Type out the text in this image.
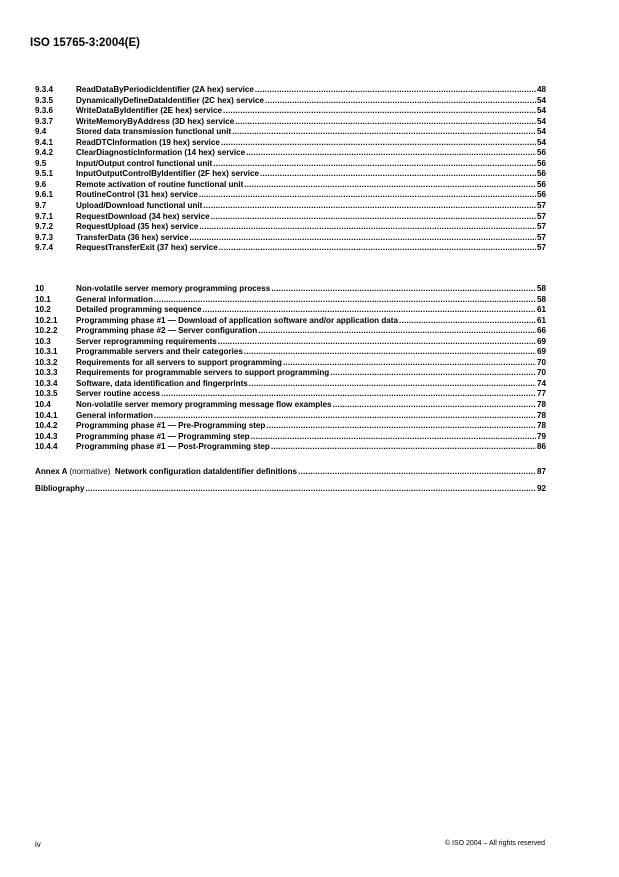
ISO 15765-3:2004(E)
9.3.4	ReadDataByPeriodicIdentifier (2A hex) service .....	48
9.3.5	DynamicallyDefineDataIdentifier (2C hex) service .....	54
9.3.6	WriteDataByIdentifier (2E hex) service .....	54
9.3.7	WriteMemoryByAddress (3D hex) service .....	54
9.4	Stored data transmission functional unit .....	54
9.4.1	ReadDTCInformation (19 hex) service .....	54
9.4.2	ClearDiagnosticInformation (14 hex) service .....	56
9.5	Input/Output control functional unit .....	56
9.5.1	InputOutputControlByIdentifier (2F hex) service .....	56
9.6	Remote activation of routine functional unit .....	56
9.6.1	RoutineControl (31 hex) service .....	56
9.7	Upload/Download functional unit .....	57
9.7.1	RequestDownload (34 hex) service .....	57
9.7.2	RequestUpload (35 hex) service .....	57
9.7.3	TransferData (36 hex) service .....	57
9.7.4	RequestTransferExit (37 hex) service .....	57
10	Non-volatile server memory programming process .....	58
10.1	General information .....	58
10.2	Detailed programming sequence .....	61
10.2.1	Programming phase #1 — Download of application software and/or application data .....	61
10.2.2	Programming phase #2 — Server configuration .....	66
10.3	Server reprogramming requirements .....	69
10.3.1	Programmable servers and their categories .....	69
10.3.2	Requirements for all servers to support programming .....	70
10.3.3	Requirements for programmable servers to support programming .....	70
10.3.4	Software, data identification and fingerprints .....	74
10.3.5	Server routine access .....	77
10.4	Non-volatile server memory programming message flow examples .....	78
10.4.1	General information .....	78
10.4.2	Programming phase #1 — Pre-Programming step .....	78
10.4.3	Programming phase #1 — Programming step .....	79
10.4.4	Programming phase #1 — Post-Programming step .....	86
Annex A (normative) Network configuration dataIdentifier definitions .....	87
Bibliography .....	92
iv	© ISO 2004 – All rights reserved
